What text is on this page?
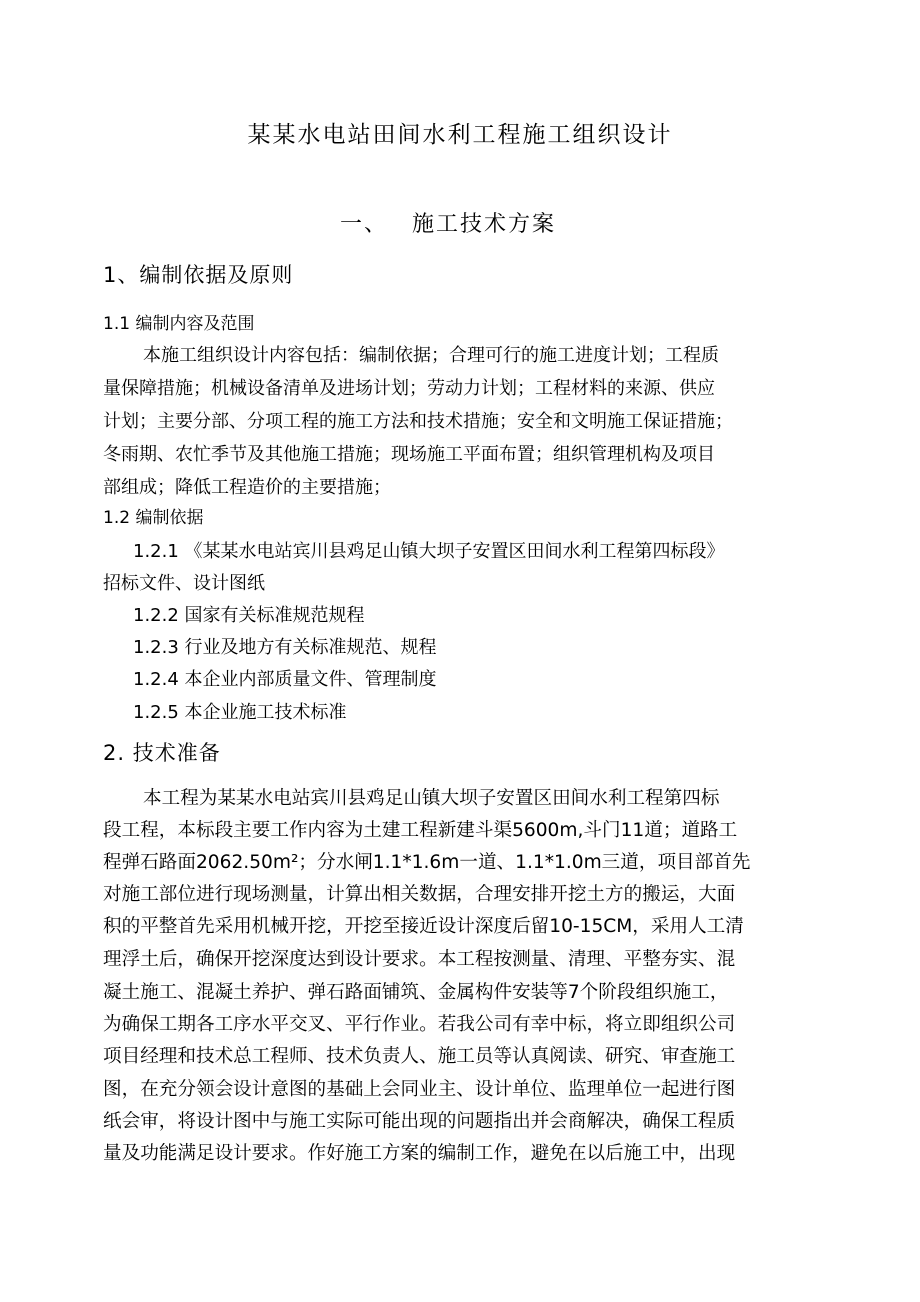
某某水电站田间水利工程施工组织设计
一、 施工技术方案
1、编制依据及原则
1.1 编制内容及范围
本施工组织设计内容包括：编制依据；合理可行的施工进度计划；工程质
量保障措施；机械设备清单及进场计划；劳动力计划；工程材料的来源、供应
计划；主要分部、分项工程的施工方法和技术措施；安全和文明施工保证措施；
冬雨期、农忙季节及其他施工措施；现场施工平面布置；组织管理机构及项目
部组成；降低工程造价的主要措施；
1.2 编制依据
1.2.1 《某某水电站宾川县鸡足山镇大坝子安置区田间水利工程第四标段》
招标文件、设计图纸
1.2.2 国家有关标准规范规程
1.2.3 行业及地方有关标准规范、规程
1.2.4 本企业内部质量文件、管理制度
1.2.5 本企业施工技术标准
2. 技术准备
本工程为某某水电站宾川县鸡足山镇大坝子安置区田间水利工程第四标
段工程，本标段主要工作内容为土建工程新建斗渠5600m,斗门11道；道路工
程弹石路面2062.50m²；分水闸1.1*1.6m一道、1.1*1.0m三道，项目部首先
对施工部位进行现场测量，计算出相关数据，合理安排开挖土方的搬运，大面
积的平整首先采用机械开挖，开挖至接近设计深度后留10-15CM，采用人工清
理浮土后，确保开挖深度达到设计要求。本工程按测量、清理、平整夯实、混
凝土施工、混凝土养护、弹石路面铺筑、金属构件安装等7个阶段组织施工，
为确保工期各工序水平交叉、平行作业。若我公司有幸中标，将立即组织公司
项目经理和技术总工程师、技术负责人、施工员等认真阅读、研究、审查施工
图，在充分领会设计意图的基础上会同业主、设计单位、监理单位一起进行图
纸会审，将设计图中与施工实际可能出现的问题指出并会商解决，确保工程质
量及功能满足设计要求。作好施工方案的编制工作，避免在以后施工中，出现
